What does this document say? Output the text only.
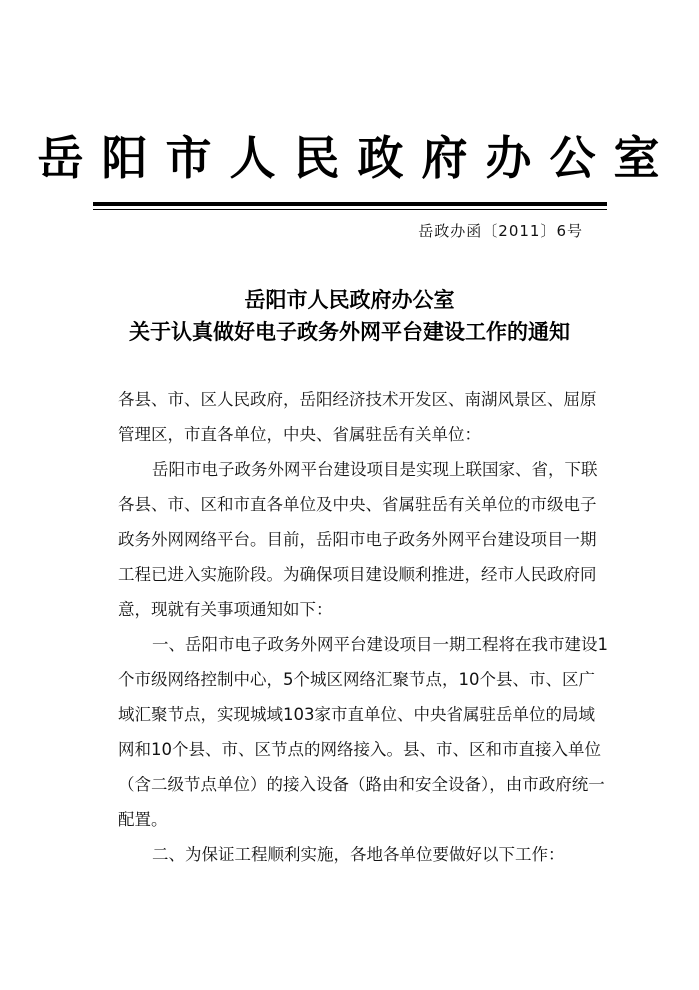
岳阳市人民政府办公室
岳政办函〔2011〕6号
岳阳市人民政府办公室
关于认真做好电子政务外网平台建设工作的通知
各县、市、区人民政府，岳阳经济技术开发区、南湖风景区、屈原
管理区，市直各单位，中央、省属驻岳有关单位：
岳阳市电子政务外网平台建设项目是实现上联国家、省，下联
各县、市、区和市直各单位及中央、省属驻岳有关单位的市级电子
政务外网网络平台。目前，岳阳市电子政务外网平台建设项目一期
工程已进入实施阶段。为确保项目建设顺利推进，经市人民政府同
意，现就有关事项通知如下：
一、岳阳市电子政务外网平台建设项目一期工程将在我市建设1
个市级网络控制中心，5个城区网络汇聚节点，10个县、市、区广
域汇聚节点，实现城域103家市直单位、中央省属驻岳单位的局域
网和10个县、市、区节点的网络接入。县、市、区和市直接入单位
（含二级节点单位）的接入设备（路由和安全设备），由市政府统一
配置。
二、为保证工程顺利实施，各地各单位要做好以下工作：
